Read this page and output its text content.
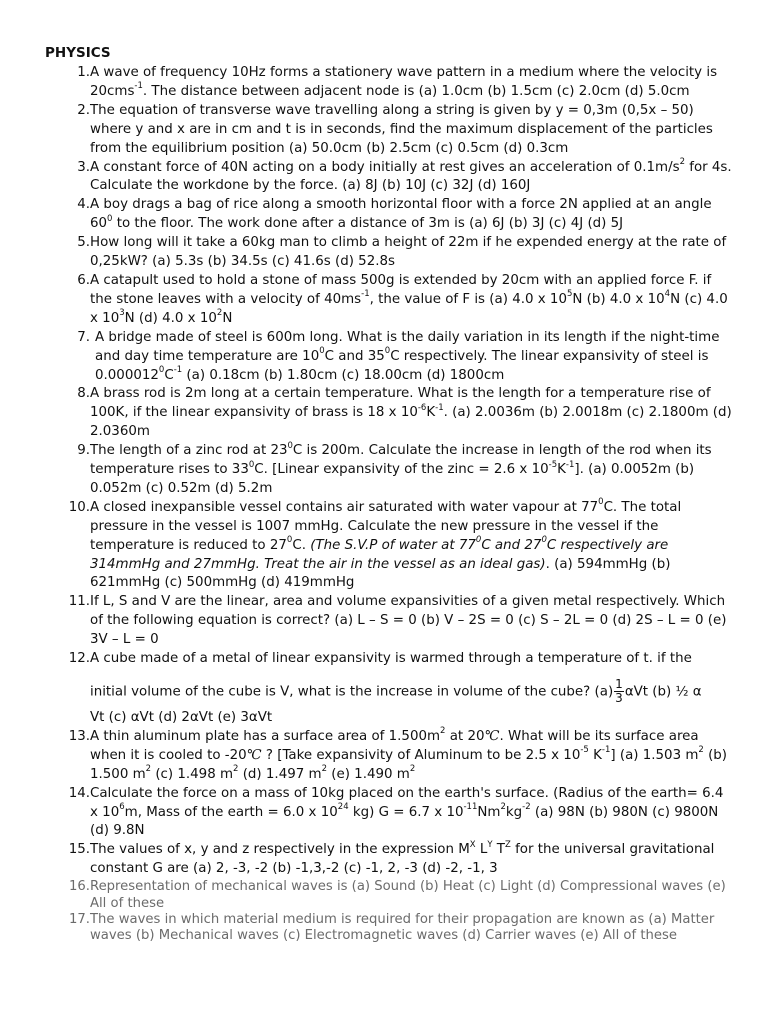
PHYSICS
1. A wave of frequency 10Hz forms a stationery wave pattern in a medium where the velocity is 20cms$^{-1}$. The distance between adjacent node is (a) 1.0cm (b) 1.5cm (c) 2.0cm (d) 5.0cm
2. The equation of transverse wave travelling along a string is given by y = 0,3m (0,5x – 50) where y and x are in cm and t is in seconds, find the maximum displacement of the particles from the equilibrium position (a) 50.0cm (b) 2.5cm (c) 0.5cm (d) 0.3cm
3. A constant force of 40N acting on a body initially at rest gives an acceleration of $0.1m/s^2$ for 4s. Calculate the workdone by the force. (a) 8J (b) 10J (c) 32J (d) 160J
4. A boy drags a bag of rice along a smooth horizontal floor with a force 2N applied at an angle $60^0$ to the floor. The work done after a distance of 3m is (a) 6J (b) 3J (c) 4J (d) 5J
5. How long will it take a 60kg man to climb a height of 22m if he expended energy at the rate of 0,25kW? (a) 5.3s (b) 34.5s (c) 41.6s (d) 52.8s
6. A catapult used to hold a stone of mass 500g is extended by 20cm with an applied force F. if the stone leaves with a velocity of $40ms^{-1}$, the value of F is (a) 4.0 x $10^5N$ (b) 4.0 x $10^4N$ (c) 4.0 x $10^3N$ (d) 4.0 x $10^2N$
7. A bridge made of steel is 600m long. What is the daily variation in its length if the night-time and day time temperature are $10^0C$ and $35^0C$ respectively. The linear expansivity of steel is $0.000012^0C^{-1}$ (a) 0.18cm (b) 1.80cm (c) 18.00cm (d) 1800cm
8. A brass rod is 2m long at a certain temperature. What is the length for a temperature rise of 100K, if the linear expansivity of brass is 18 x $10^{-6}K^{-1}$. (a) 2.0036m (b) 2.0018m (c) 2.1800m (d) 2.0360m
9. The length of a zinc rod at $23^0C$ is 200m. Calculate the increase in length of the rod when its temperature rises to $33^0C$. [Linear expansivity of the zinc = 2.6 x $10^{-5}K^{-1}$]. (a) 0.0052m (b) 0.052m (c) 0.52m (d) 5.2m
10. A closed inexpansible vessel contains air saturated with water vapour at $77^0C$. The total pressure in the vessel is 1007 mmHg. Calculate the new pressure in the vessel if the temperature is reduced to $27^0C$. (The S.V.P of water at $77^0C$ and $27^0C$ respectively are 314mmHg and 27mmHg. Treat the air in the vessel as an ideal gas). (a) 594mmHg (b) 621mmHg (c) 500mmHg (d) 419mmHg
11. If L, S and V are the linear, area and volume expansivities of a given metal respectively. Which of the following equation is correct? (a) L – S = 0 (b) V – 2S = 0 (c) S – 2L = 0 (d) 2S – L = 0 (e) 3V – L = 0
12. A cube made of a metal of linear expansivity is warmed through a temperature of t. if the
initial volume of the cube is V, what is the increase in volume of the cube? $(a) \frac{1}{3}$ αVt (b) ½ α
Vt (c) αVt (d) 2αVt (e) 3αVt
13. A thin aluminum plate has a surface area of $1.500m^2$ at 20℃. What will be its surface area when it is cooled to -20℃ ? [Take expansivity of Aluminum to be 2.5 x $10^{-5}$ $K^{-1}$] (a) 1.503 $m^2$ (b) 1.500 $m^2$ (c) 1.498 $m^2$ (d) 1.497 $m^2$ (e) 1.490 $m^2$
14. Calculate the force on a mass of 10kg placed on the earth's surface. (Radius of the earth= 6.4 x $10^6m$, Mass of the earth = 6.0 x $10^{24}$ kg) G = 6.7 x $10^{-11}Nm^2kg^{-2}$ (a) 98N (b) 980N (c) 9800N (d) 9.8N
15. The values of x, y and z respectively in the expression $M^X$ $L^Y$ $T^Z$ for the universal gravitational constant G are (a) 2, -3, -2 (b) -1,3,-2 (c) -1, 2, -3 (d) -2, -1, 3
16. Representation of mechanical waves is (a) Sound (b) Heat (c) Light (d) Compressional waves (e) All of these
17. The waves in which material medium is required for their propagation are known as (a) Matter waves (b) Mechanical waves (c) Electromagnetic waves (d) Carrier waves (e) All of these
